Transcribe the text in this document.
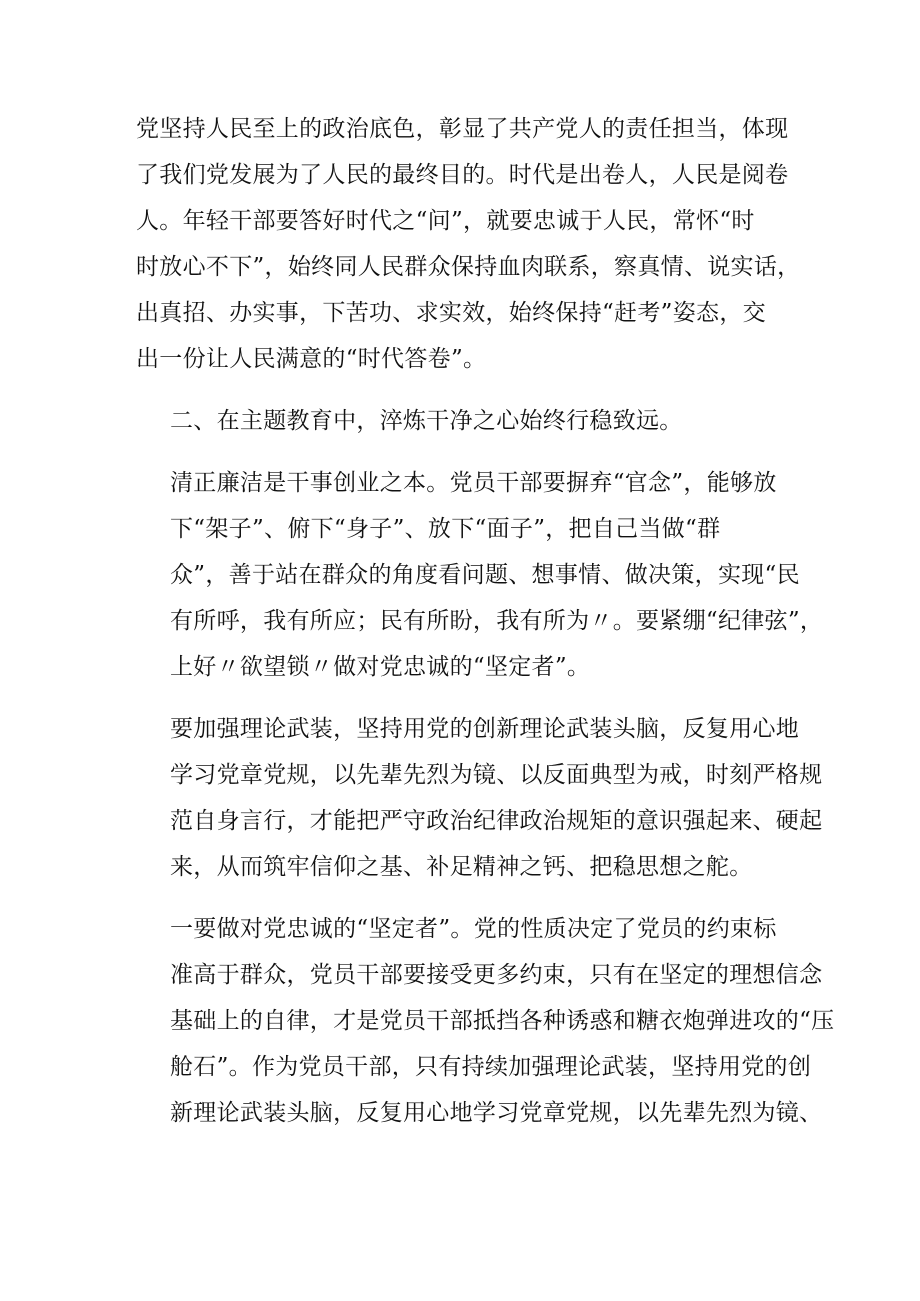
党坚持人民至上的政治底色，彰显了共产党人的责任担当，体现
了我们党发展为了人民的最终目的。时代是出卷人，人民是阅卷
人。年轻干部要答好时代之“问”，就要忠诚于人民，常怀“时
时放心不下”，始终同人民群众保持血肉联系，察真情、说实话，
出真招、办实事，下苦功、求实效，始终保持“赶考”姿态，交
出一份让人民满意的“时代答卷”。

二、在主题教育中，淬炼干净之心始终行稳致远。

清正廉洁是干事创业之本。党员干部要摒弃“官念”，能够放
下“架子”、俯下“身子”、放下“面子”，把自己当做“群
众”，善于站在群众的角度看问题、想事情、做决策，实现“民
有所呼，我有所应；民有所盼，我有所为〃。要紧绷“纪律弦”，
上好〃欲望锁〃做对党忠诚的“坚定者”。

要加强理论武装，坚持用党的创新理论武装头脑，反复用心地
学习党章党规，以先辈先烈为镜、以反面典型为戒，时刻严格规
范自身言行，才能把严守政治纪律政治规矩的意识强起来、硬起
来，从而筑牢信仰之基、补足精神之钙、把稳思想之舵。

一要做对党忠诚的“坚定者”。党的性质决定了党员的约束标
准高于群众，党员干部要接受更多约束，只有在坚定的理想信念
基础上的自律，才是党员干部抵挡各种诱惑和糖衣炮弹进攻的“压
舱石”。作为党员干部，只有持续加强理论武装，坚持用党的创
新理论武装头脑，反复用心地学习党章党规，以先辈先烈为镜、
